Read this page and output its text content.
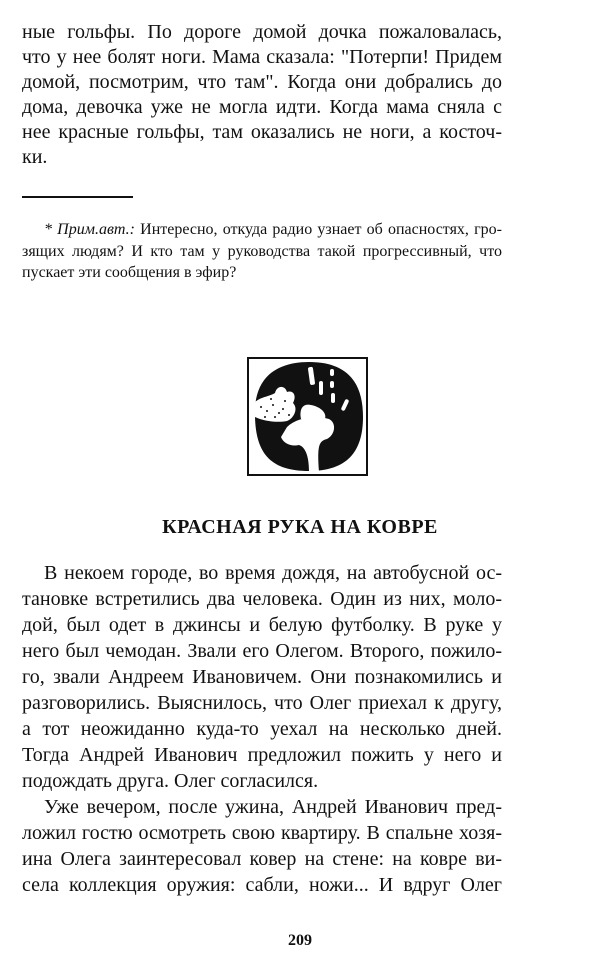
ные гольфы. По дороге домой дочка пожаловалась,
что у нее болят ноги. Мама сказала: "Потерпи! Придем
домой, посмотрим, что там". Когда они добрались до
дома, девочка уже не могла идти. Когда мама сняла с
нее красные гольфы, там оказались не ноги, а косточ-
ки.
* Прим.авт.: Интересно, откуда радио узнает об опасностях, гро-
зящих людям? И кто там у руководства такой прогрессивный, что
пускает эти сообщения в эфир?
КРАСНАЯ РУКА НА КОВРЕ
В некоем городе, во время дождя, на автобусной ос-
тановке встретились два человека. Один из них, моло-
дой, был одет в джинсы и белую футболку. В руке у
него был чемодан. Звали его Олегом. Второго, пожило-
го, звали Андреем Ивановичем. Они познакомились и
разговорились. Выяснилось, что Олег приехал к другу,
а тот неожиданно куда-то уехал на несколько дней.
Тогда Андрей Иванович предложил пожить у него и
подождать друга. Олег согласился.
Уже вечером, после ужина, Андрей Иванович пред-
ложил гостю осмотреть свою квартиру. В спальне хозя-
ина Олега заинтересовал ковер на стене: на ковре ви-
села коллекция оружия: сабли, ножи... И вдруг Олег
209
